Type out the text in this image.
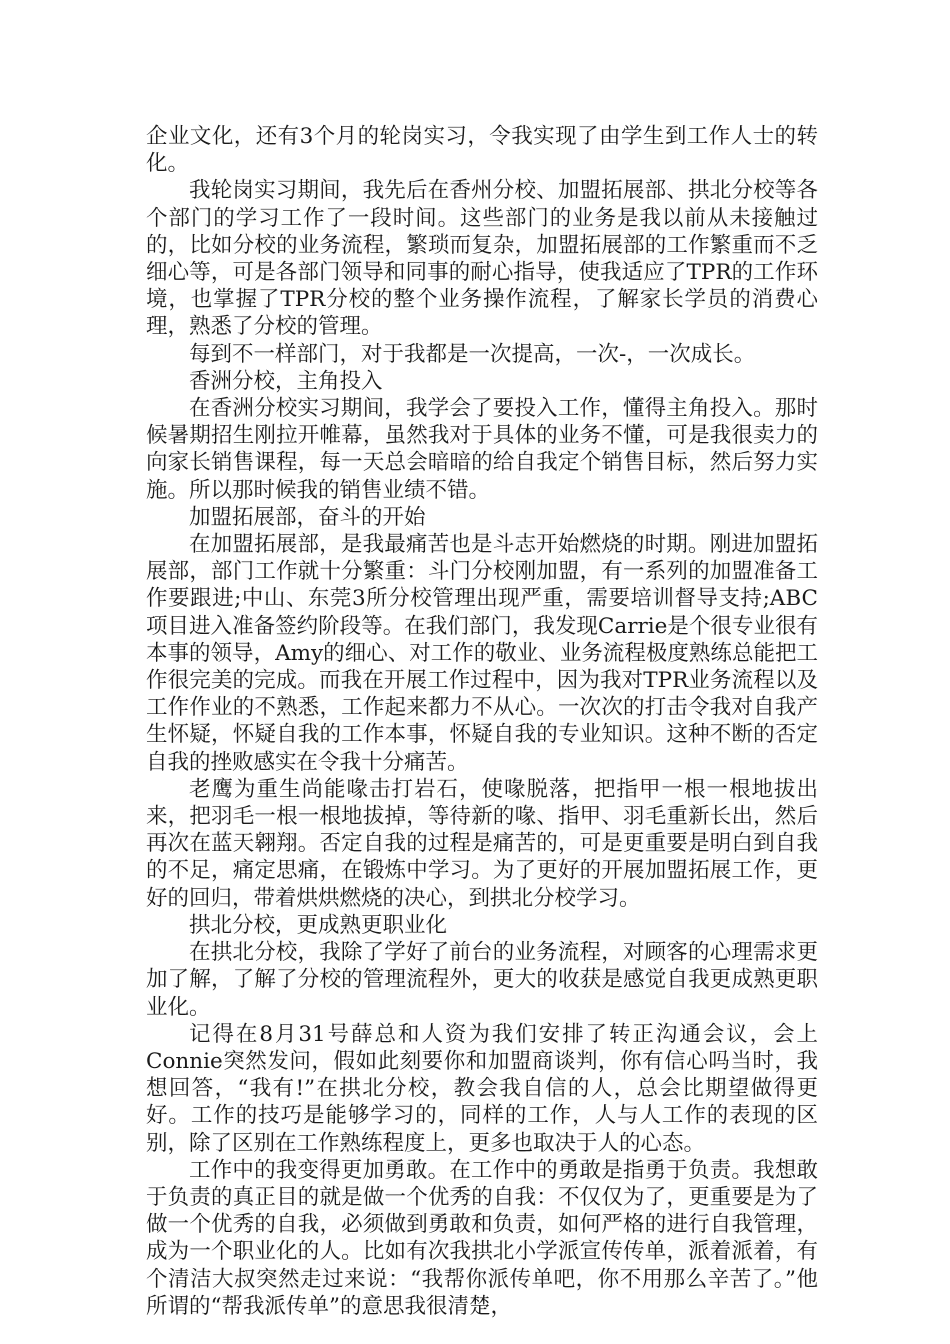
企业文化，还有3个月的轮岗实习，令我实现了由学生到工作人士的转化。

我轮岗实习期间，我先后在香州分校、加盟拓展部、拱北分校等各个部门的学习工作了一段时间。这些部门的业务是我以前从未接触过的，比如分校的业务流程，繁琐而复杂，加盟拓展部的工作繁重而不乏细心等，可是各部门领导和同事的耐心指导，使我适应了TPR的工作环境，也掌握了TPR分校的整个业务操作流程，了解家长学员的消费心理，熟悉了分校的管理。

每到不一样部门，对于我都是一次提高，一次-，一次成长。

香洲分校，主角投入

在香洲分校实习期间，我学会了要投入工作，懂得主角投入。那时候暑期招生刚拉开帷幕，虽然我对于具体的业务不懂，可是我很卖力的向家长销售课程，每一天总会暗暗的给自我定个销售目标，然后努力实施。所以那时候我的销售业绩不错。

加盟拓展部，奋斗的开始

在加盟拓展部，是我最痛苦也是斗志开始燃烧的时期。刚进加盟拓展部，部门工作就十分繁重：斗门分校刚加盟，有一系列的加盟准备工作要跟进;中山、东莞3所分校管理出现严重，需要培训督导支持;ABC项目进入准备签约阶段等。在我们部门，我发现Carrie是个很专业很有本事的领导，Amy的细心、对工作的敬业、业务流程极度熟练总能把工作很完美的完成。而我在开展工作过程中，因为我对TPR业务流程以及工作作业的不熟悉，工作起来都力不从心。一次次的打击令我对自我产生怀疑，怀疑自我的工作本事，怀疑自我的专业知识。这种不断的否定自我的挫败感实在令我十分痛苦。

老鹰为重生尚能喙击打岩石，使喙脱落，把指甲一根一根地拔出来，把羽毛一根一根地拔掉，等待新的喙、指甲、羽毛重新长出，然后再次在蓝天翱翔。否定自我的过程是痛苦的，可是更重要是明白到自我的不足，痛定思痛，在锻炼中学习。为了更好的开展加盟拓展工作，更好的回归，带着烘烘燃烧的决心，到拱北分校学习。

拱北分校，更成熟更职业化

在拱北分校，我除了学好了前台的业务流程，对顾客的心理需求更加了解，了解了分校的管理流程外，更大的收获是感觉自我更成熟更职业化。

记得在8月31号薛总和人资为我们安排了转正沟通会议，会上Connie突然发问，假如此刻要你和加盟商谈判，你有信心吗当时，我想回答，“我有!”在拱北分校，教会我自信的人，总会比期望做得更好。工作的技巧是能够学习的，同样的工作，人与人工作的表现的区别，除了区别在工作熟练程度上，更多也取决于人的心态。

工作中的我变得更加勇敢。在工作中的勇敢是指勇于负责。我想敢于负责的真正目的就是做一个优秀的自我：不仅仅为了，更重要是为了做一个优秀的自我，必须做到勇敢和负责，如何严格的进行自我管理，成为一个职业化的人。比如有次我拱北小学派宣传传单，派着派着，有个清洁大叔突然走过来说：“我帮你派传单吧，你不用那么辛苦了。”他所谓的“帮我派传单”的意思我很清楚，
